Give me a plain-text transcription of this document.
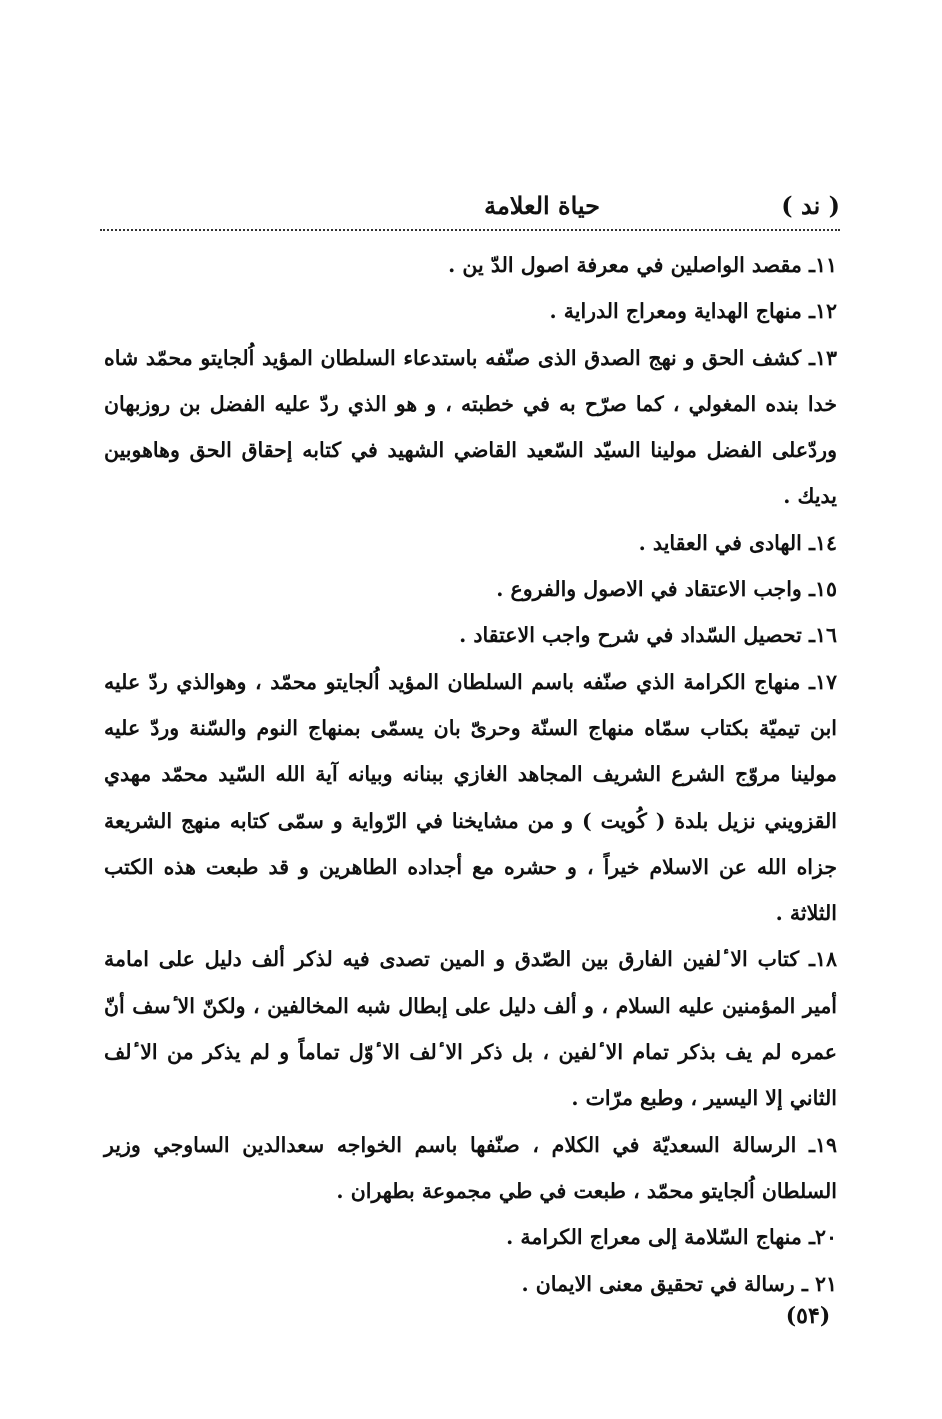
( ند )
حياة العلامة

١١ـ مقصد الواصلين في معرفة اصول الدّ ين .

١٢ـ منهاج الهداية ومعراج الدراية .

١٣ـ كشف الحق و نهج الصدق الذى صنّفه باستدعاء السلطان المؤيد اُلجايتو محمّد شاه خدا بنده المغولي ، كما صرّح به في خطبته ، و هو الذي ردّ عليه الفضل بن روزبهان وردّعلى الفضل مولينا السيّد السّعيد القاضي الشهيد في كتابه إحقاق الحق وهاهوبين يديك .

١٤ـ الهادى في العقايد .

١٥ـ واجب الاعتقاد في الاصول والفروع .

١٦ـ تحصيل السّداد في شرح واجب الاعتقاد .

١٧ـ منهاج الكرامة الذي صنّفه باسم السلطان المؤيد اُلجايتو محمّد ، وهوالذي ردّ عليه ابن تيميّة بكتاب سمّاه منهاج السنّة وحرىّ بان يسمّى بمنهاج النوم والسّنة وردّ عليه مولينا مروّج الشرع الشريف المجاهد الغازي ببنانه وبيانه آية الله السّيد محمّد مهدي القزويني نزيل بلدة ( كُويت ) و من مشايخنا في الرّواية و سمّى كتابه منهج الشريعة جزاه الله عن الاسلام خيراً ، و حشره مع أجداده الطاهرين و قد طبعت هذه الكتب الثلاثة .

١٨ـ كتاب الا ٔلفين الفارق بين الصّدق و المين تصدى فيه لذكر ألف دليل على امامة أمير المؤمنين عليه السلام ، و ألف دليل على إبطال شبه المخالفين ، ولكنّ الا ٔسف أنّ عمره لم يف بذكر تمام الا ٔلفين ، بل ذكر الا ٔلف الا ٔوّل تماماً و لم يذكر من الا ٔلف الثاني إلا اليسير ، وطبع مرّات .

١٩ـ الرسالة السعديّة في الكلام ، صنّفها باسم الخواجه سعدالدين الساوجي وزير السلطان اُلجايتو محمّد ، طبعت في طي مجموعة بطهران .

٢٠ـ منهاج السّلامة إلى معراج الكرامة .

٢١ ـ رسالة في تحقيق معنى الايمان .

(٥۴)
